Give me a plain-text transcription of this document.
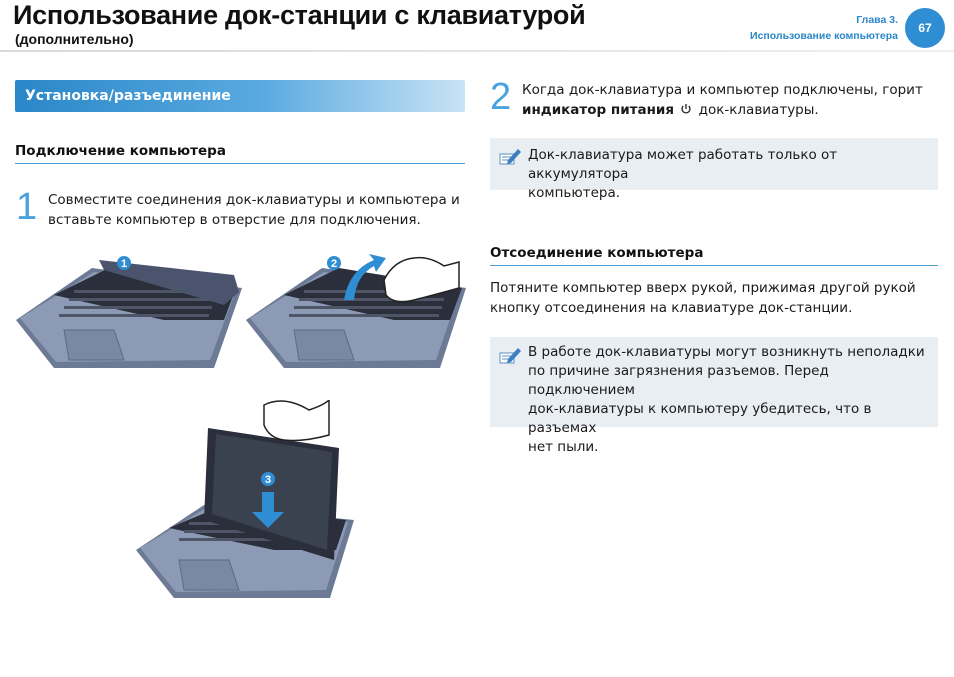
Использование док-станции с клавиатурой
(дополнительно)
Глава 3.
Использование компьютера
67
Установка/разъединение
Подключение компьютера
1 Совместите соединения док-клавиатуры и компьютера и
вставьте компьютер в отверстие для подключения.
1	2
3
2 Когда док-клавиатура и компьютер подключены, горит
индикатор питания док-клавиатуры.
Док-клавиатура может работать только от аккумулятора
компьютера.
Отсоединение компьютера
Потяните компьютер вверх рукой, прижимая другой рукой
кнопку отсоединения на клавиатуре док-станции.
В работе док-клавиатуры могут возникнуть неполадки
по причине загрязнения разъемов. Перед подключением
док-клавиатуры к компьютеру убедитесь, что в разъемах
нет пыли.
